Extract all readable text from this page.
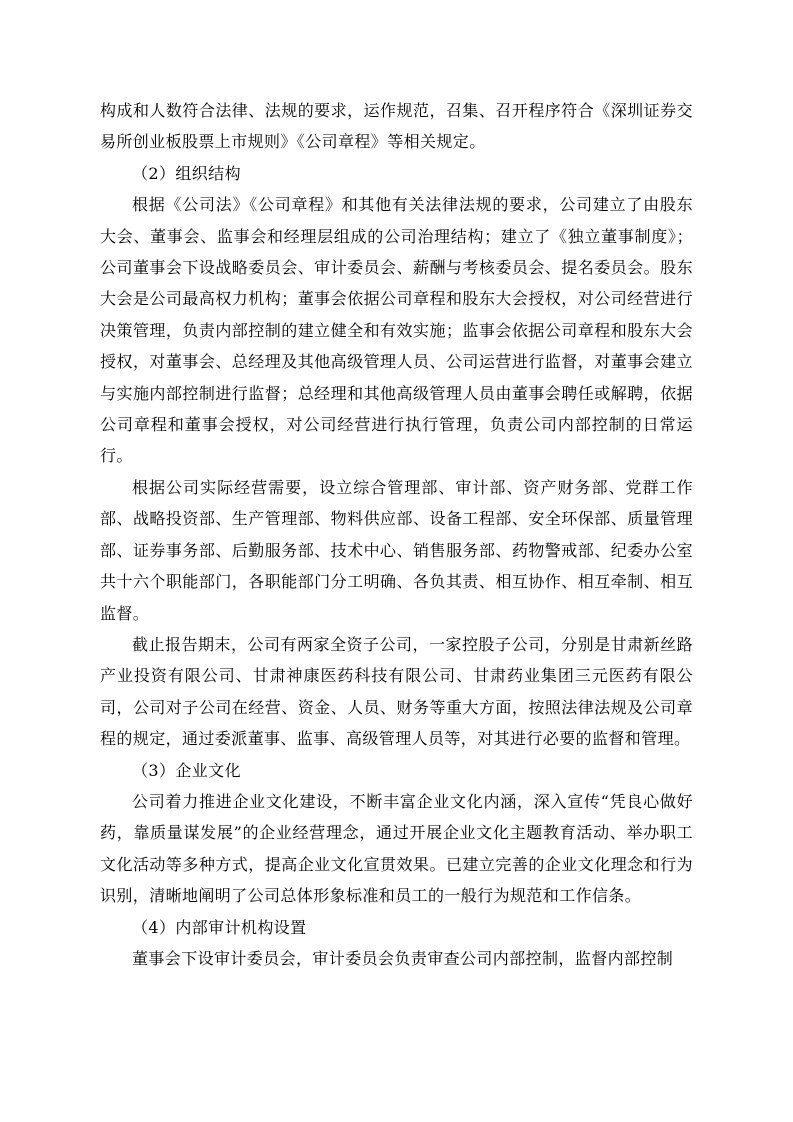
构成和人数符合法律、法规的要求，运作规范，召集、召开程序符合《深圳证券交易所创业板股票上市规则》《公司章程》等相关规定。

（2）组织结构

根据《公司法》《公司章程》和其他有关法律法规的要求，公司建立了由股东大会、董事会、监事会和经理层组成的公司治理结构；建立了《独立董事制度》；公司董事会下设战略委员会、审计委员会、薪酬与考核委员会、提名委员会。股东大会是公司最高权力机构；董事会依据公司章程和股东大会授权，对公司经营进行决策管理，负责内部控制的建立健全和有效实施；监事会依据公司章程和股东大会授权，对董事会、总经理及其他高级管理人员、公司运营进行监督，对董事会建立与实施内部控制进行监督；总经理和其他高级管理人员由董事会聘任或解聘，依据公司章程和董事会授权，对公司经营进行执行管理，负责公司内部控制的日常运行。

根据公司实际经营需要，设立综合管理部、审计部、资产财务部、党群工作部、战略投资部、生产管理部、物料供应部、设备工程部、安全环保部、质量管理部、证券事务部、后勤服务部、技术中心、销售服务部、药物警戒部、纪委办公室共十六个职能部门，各职能部门分工明确、各负其责、相互协作、相互牵制、相互监督。

截止报告期末，公司有两家全资子公司，一家控股子公司，分别是甘肃新丝路产业投资有限公司、甘肃神康医药科技有限公司、甘肃药业集团三元医药有限公司，公司对子公司在经营、资金、人员、财务等重大方面，按照法律法规及公司章程的规定，通过委派董事、监事、高级管理人员等，对其进行必要的监督和管理。

（3）企业文化

公司着力推进企业文化建设，不断丰富企业文化内涵，深入宣传“凭良心做好药，靠质量谋发展”的企业经营理念，通过开展企业文化主题教育活动、举办职工文化活动等多种方式，提高企业文化宣贯效果。已建立完善的企业文化理念和行为识别，清晰地阐明了公司总体形象标准和员工的一般行为规范和工作信条。

（4）内部审计机构设置

董事会下设审计委员会，审计委员会负责审查公司内部控制，监督内部控制
